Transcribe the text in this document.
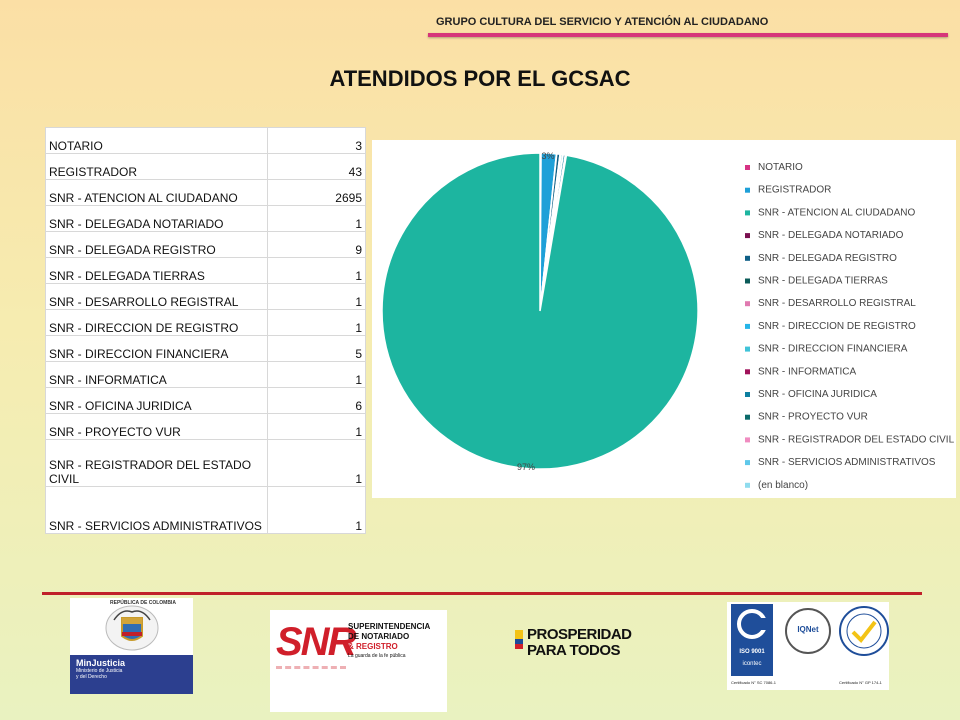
GRUPO CULTURA DEL SERVICIO Y ATENCIÓN AL CIUDADANO
ATENDIDOS POR EL GCSAC
NOTARIO	3
REGISTRADOR	43
SNR - ATENCION AL CIUDADANO	2695
SNR - DELEGADA NOTARIADO	1
SNR - DELEGADA REGISTRO	9
SNR - DELEGADA TIERRAS	1
SNR - DESARROLLO REGISTRAL	1
SNR - DIRECCION DE REGISTRO	1
SNR - DIRECCION FINANCIERA	5
SNR - INFORMATICA	1
SNR - OFICINA JURIDICA	6
SNR - PROYECTO VUR	1
SNR - REGISTRADOR DEL ESTADO CIVIL	1
SNR - SERVICIOS ADMINISTRATIVOS	1
3%
97%
NOTARIO
REGISTRADOR
SNR - ATENCION AL CIUDADANO
SNR - DELEGADA NOTARIADO
SNR - DELEGADA REGISTRO
SNR - DELEGADA TIERRAS
SNR - DESARROLLO REGISTRAL
SNR - DIRECCION DE REGISTRO
SNR - DIRECCION FINANCIERA
SNR - INFORMATICA
SNR - OFICINA JURIDICA
SNR - PROYECTO VUR
SNR - REGISTRADOR DEL ESTADO CIVIL
SNR - SERVICIOS ADMINISTRATIVOS
(en blanco)
REPÚBLICA DE COLOMBIA
MinJusticia
Ministerio de Justicia
y del Derecho
SNR
SUPERINTENDENCIA
DE NOTARIADO
& REGISTRO
La guarda de la fe pública
PROSPERIDAD
PARA TODOS	ISO 9001
icontec
IQNet
Certificado N° SC 7086-1	Certificado N° GP 174-1
